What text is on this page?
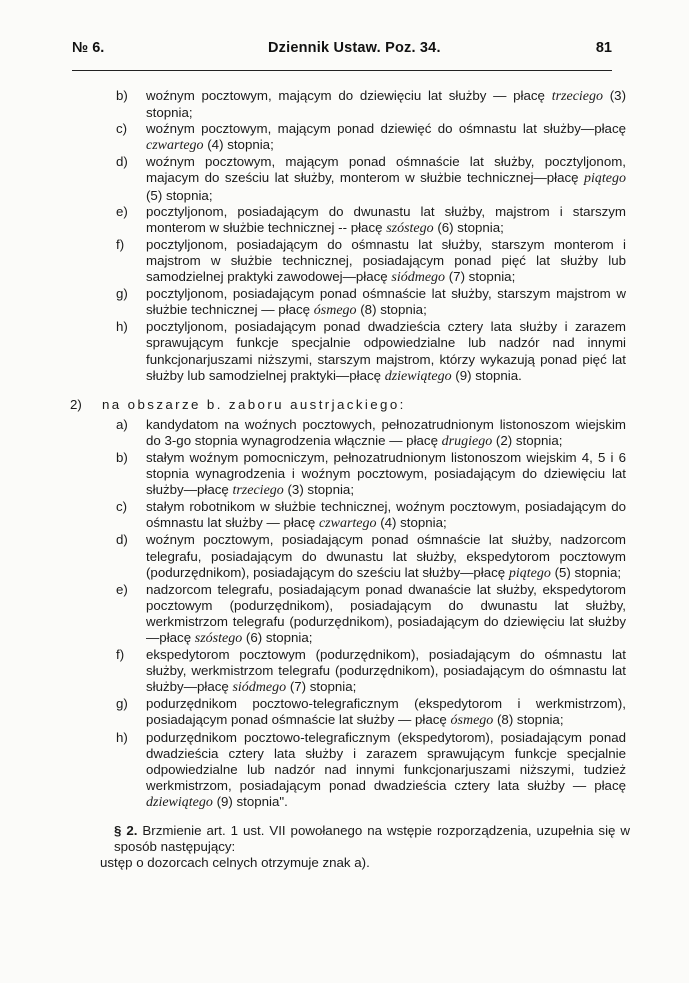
№ 6.	Dziennik Ustaw. Poz. 34.	81
b) woźnym pocztowym, mającym do dziewięciu lat służby — płacę trzeciego (3) stopnia;
c) woźnym pocztowym, mającym ponad dziewięć do ośmnastu lat służby—płacę czwartego (4) stopnia;
d) woźnym pocztowym, mającym ponad ośmnaście lat służby, pocztyljonom, majacym do sześciu lat służby, monterom w służbie technicznej—płacę piątego (5) stopnia;
e) pocztyljonom, posiadającym do dwunastu lat służby, majstrom i starszym monterom w służbie technicznej -- płacę szóstego (6) stopnia;
f) pocztyljonom, posiadającym do ośmnastu lat służby, starszym monterom i majstrom w służbie technicznej, posiadającym ponad pięć lat służby lub samodzielnej praktyki zawodowej—płacę siódmego (7) stopnia;
g) pocztyljonom, posiadającym ponad ośmnaście lat służby, starszym majstrom w służbie technicznej — płacę ósmego (8) stopnia;
h) pocztyljonom, posiadającym ponad dwadzieścia cztery lata służby i zarazem sprawującym funkcje specjalnie odpowiedzialne lub nadzór nad innymi funkcjonarjuszami niższymi, starszym majstrom, którzy wykazują ponad pięć lat służby lub samodzielnej praktyki—płacę dziewiątego (9) stopnia.
2) na obszarze b. zaboru austrjackiego:
a) kandydatom na woźnych pocztowych, pełnozatrudnionym listonoszom wiejskim do 3-go stopnia wynagrodzenia włącznie — płacę drugiego (2) stopnia;
b) stałym woźnym pomocniczym, pełnozatrudnionym listonoszom wiejskim 4, 5 i 6 stopnia wynagrodzenia i woźnym pocztowym, posiadającym do dziewięciu lat służby—płacę trzeciego (3) stopnia;
c) stałym robotnikom w służbie technicznej, woźnym pocztowym, posiadającym do ośmnastu lat służby — płacę czwartego (4) stopnia;
d) woźnym pocztowym, posiadającym ponad ośmnaście lat służby, nadzorcom telegrafu, posiadającym do dwunastu lat służby, ekspedytorom pocztowym (podurzędnikom), posiadającym do sześciu lat służby—płacę piątego (5) stopnia;
e) nadzorcom telegrafu, posiadającym ponad dwanaście lat służby, ekspedytorom pocztowym (podurzędnikom), posiadającym do dwunastu lat służby, werkmistrzom telegrafu (podurzędnikom), posiadającym do dziewięciu lat służby—płacę szóstego (6) stopnia;
f) ekspedytorom pocztowym (podurzędnikom), posiadającym do ośmnastu lat służby, werkmistrzom telegrafu (podurzędnikom), posiadającym do ośmnastu lat służby—płacę siódmego (7) stopnia;
g) podurzędnikom pocztowo-telegraficznym (ekspedytorom i werkmistrzom), posiadającym ponad ośmnaście lat służby — płacę ósmego (8) stopnia;
h) podurzędnikom pocztowo-telegraficznym (ekspedytorom), posiadającym ponad dwadzieścia cztery lata służby i zarazem sprawującym funkcje specjalnie odpowiedzialne lub nadzór nad innymi funkcjonarjuszami niższymi, tudzież werkmistrzom, posiadającym ponad dwadzieścia cztery lata służby — płacę dziewiątego (9) stopnia".
§ 2. Brzmienie art. 1 ust. VII powołanego na wstępie rozporządzenia, uzupełnia się w sposób następujący:
ustęp o dozorcach celnych otrzymuje znak a).
